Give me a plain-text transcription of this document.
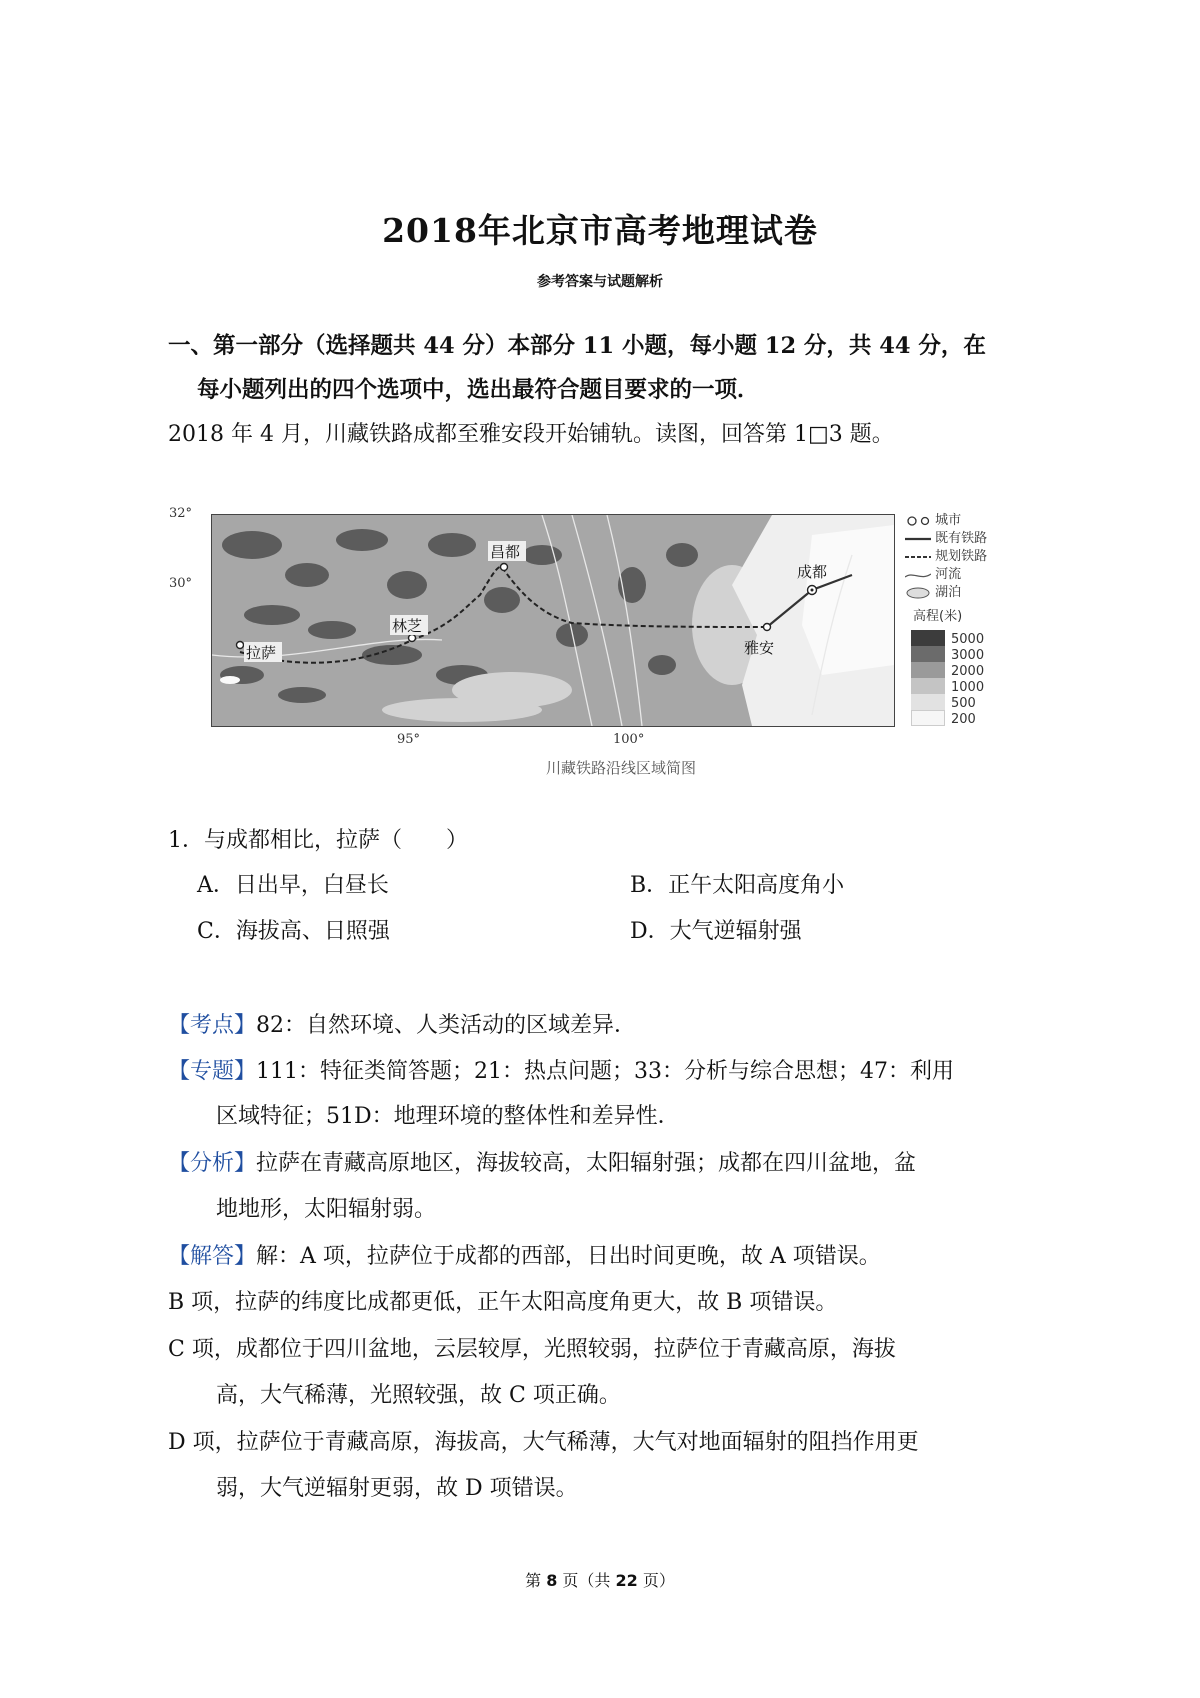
2018年北京市高考地理试卷
参考答案与试题解析
一、第一部分（选择题共 44 分）本部分 11 小题，每小题 12 分，共 44 分，在
每小题列出的四个选项中，选出最符合题目要求的一项．
2018 年 4 月，川藏铁路成都至雅安段开始铺轨。读图，回答第 1□3 题。
32°
30°
拉萨
林芝
昌都
成都
雅安
95°	100°
城市
既有铁路
规划铁路
河流
湖泊
高程(米)
5000
3000
2000
1000
500
200
川藏铁路沿线区域简图
1．与成都相比，拉萨（　　）
A．日出早，白昼长	B．正午太阳高度角小
C．海拔高、日照强	D．大气逆辐射强
【考点】82：自然环境、人类活动的区域差异．
【专题】111：特征类简答题；21：热点问题；33：分析与综合思想；47：利用
区域特征；51D：地理环境的整体性和差异性．
【分析】拉萨在青藏高原地区，海拔较高，太阳辐射强；成都在四川盆地，盆
地地形，太阳辐射弱。
【解答】解：A 项，拉萨位于成都的西部，日出时间更晚，故 A 项错误。
B 项，拉萨的纬度比成都更低，正午太阳高度角更大，故 B 项错误。
C 项，成都位于四川盆地，云层较厚，光照较弱，拉萨位于青藏高原，海拔
高，大气稀薄，光照较强，故 C 项正确。
D 项，拉萨位于青藏高原，海拔高，大气稀薄，大气对地面辐射的阻挡作用更
弱，大气逆辐射更弱，故 D 项错误。
第 8 页（共 22 页）
